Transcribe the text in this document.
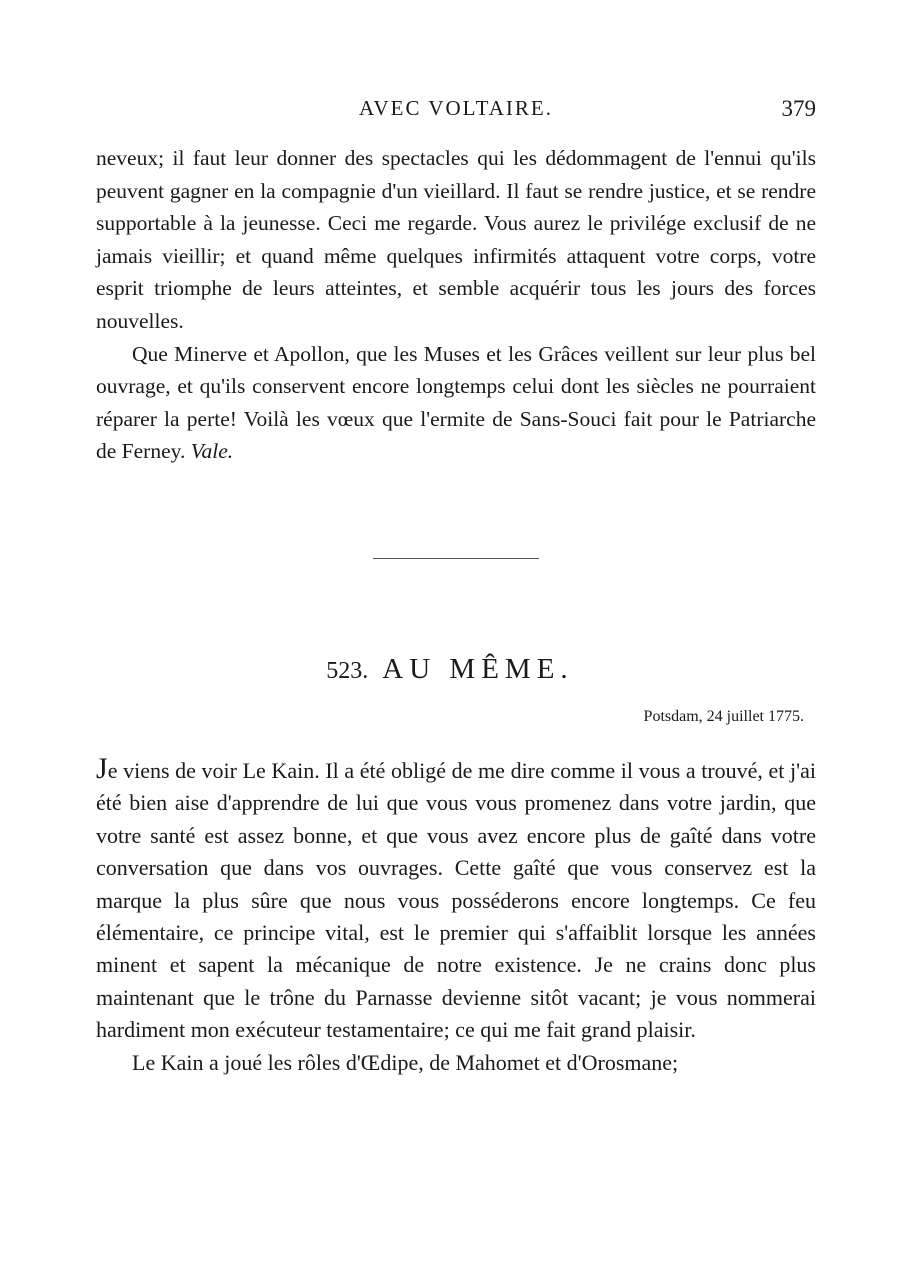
AVEC VOLTAIRE.	379

neveux; il faut leur donner des spectacles qui les dédommagent de l'ennui qu'ils peuvent gagner en la compagnie d'un vieillard. Il faut se rendre justice, et se rendre supportable à la jeunesse. Ceci me regarde. Vous aurez le privilége exclusif de ne jamais vieillir; et quand même quelques infirmités attaquent votre corps, votre esprit triomphe de leurs atteintes, et semble acquérir tous les jours des forces nouvelles.

Que Minerve et Apollon, que les Muses et les Grâces veillent sur leur plus bel ouvrage, et qu'ils conservent encore longtemps celui dont les siècles ne pourraient réparer la perte! Voilà les vœux que l'ermite de Sans-Souci fait pour le Patriarche de Ferney. Vale.

523. AU MÊME.
Potsdam, 24 juillet 1775.

Je viens de voir Le Kain. Il a été obligé de me dire comme il vous a trouvé, et j'ai été bien aise d'apprendre de lui que vous vous promenez dans votre jardin, que votre santé est assez bonne, et que vous avez encore plus de gaîté dans votre conversation que dans vos ouvrages. Cette gaîté que vous conservez est la marque la plus sûre que nous vous posséderons encore longtemps. Ce feu élémentaire, ce principe vital, est le premier qui s'affaiblit lorsque les années minent et sapent la mécanique de notre existence. Je ne crains donc plus maintenant que le trône du Parnasse devienne sitôt vacant; je vous nommerai hardiment mon exécuteur testamentaire; ce qui me fait grand plaisir.

Le Kain a joué les rôles d'Œdipe, de Mahomet et d'Orosmane;
